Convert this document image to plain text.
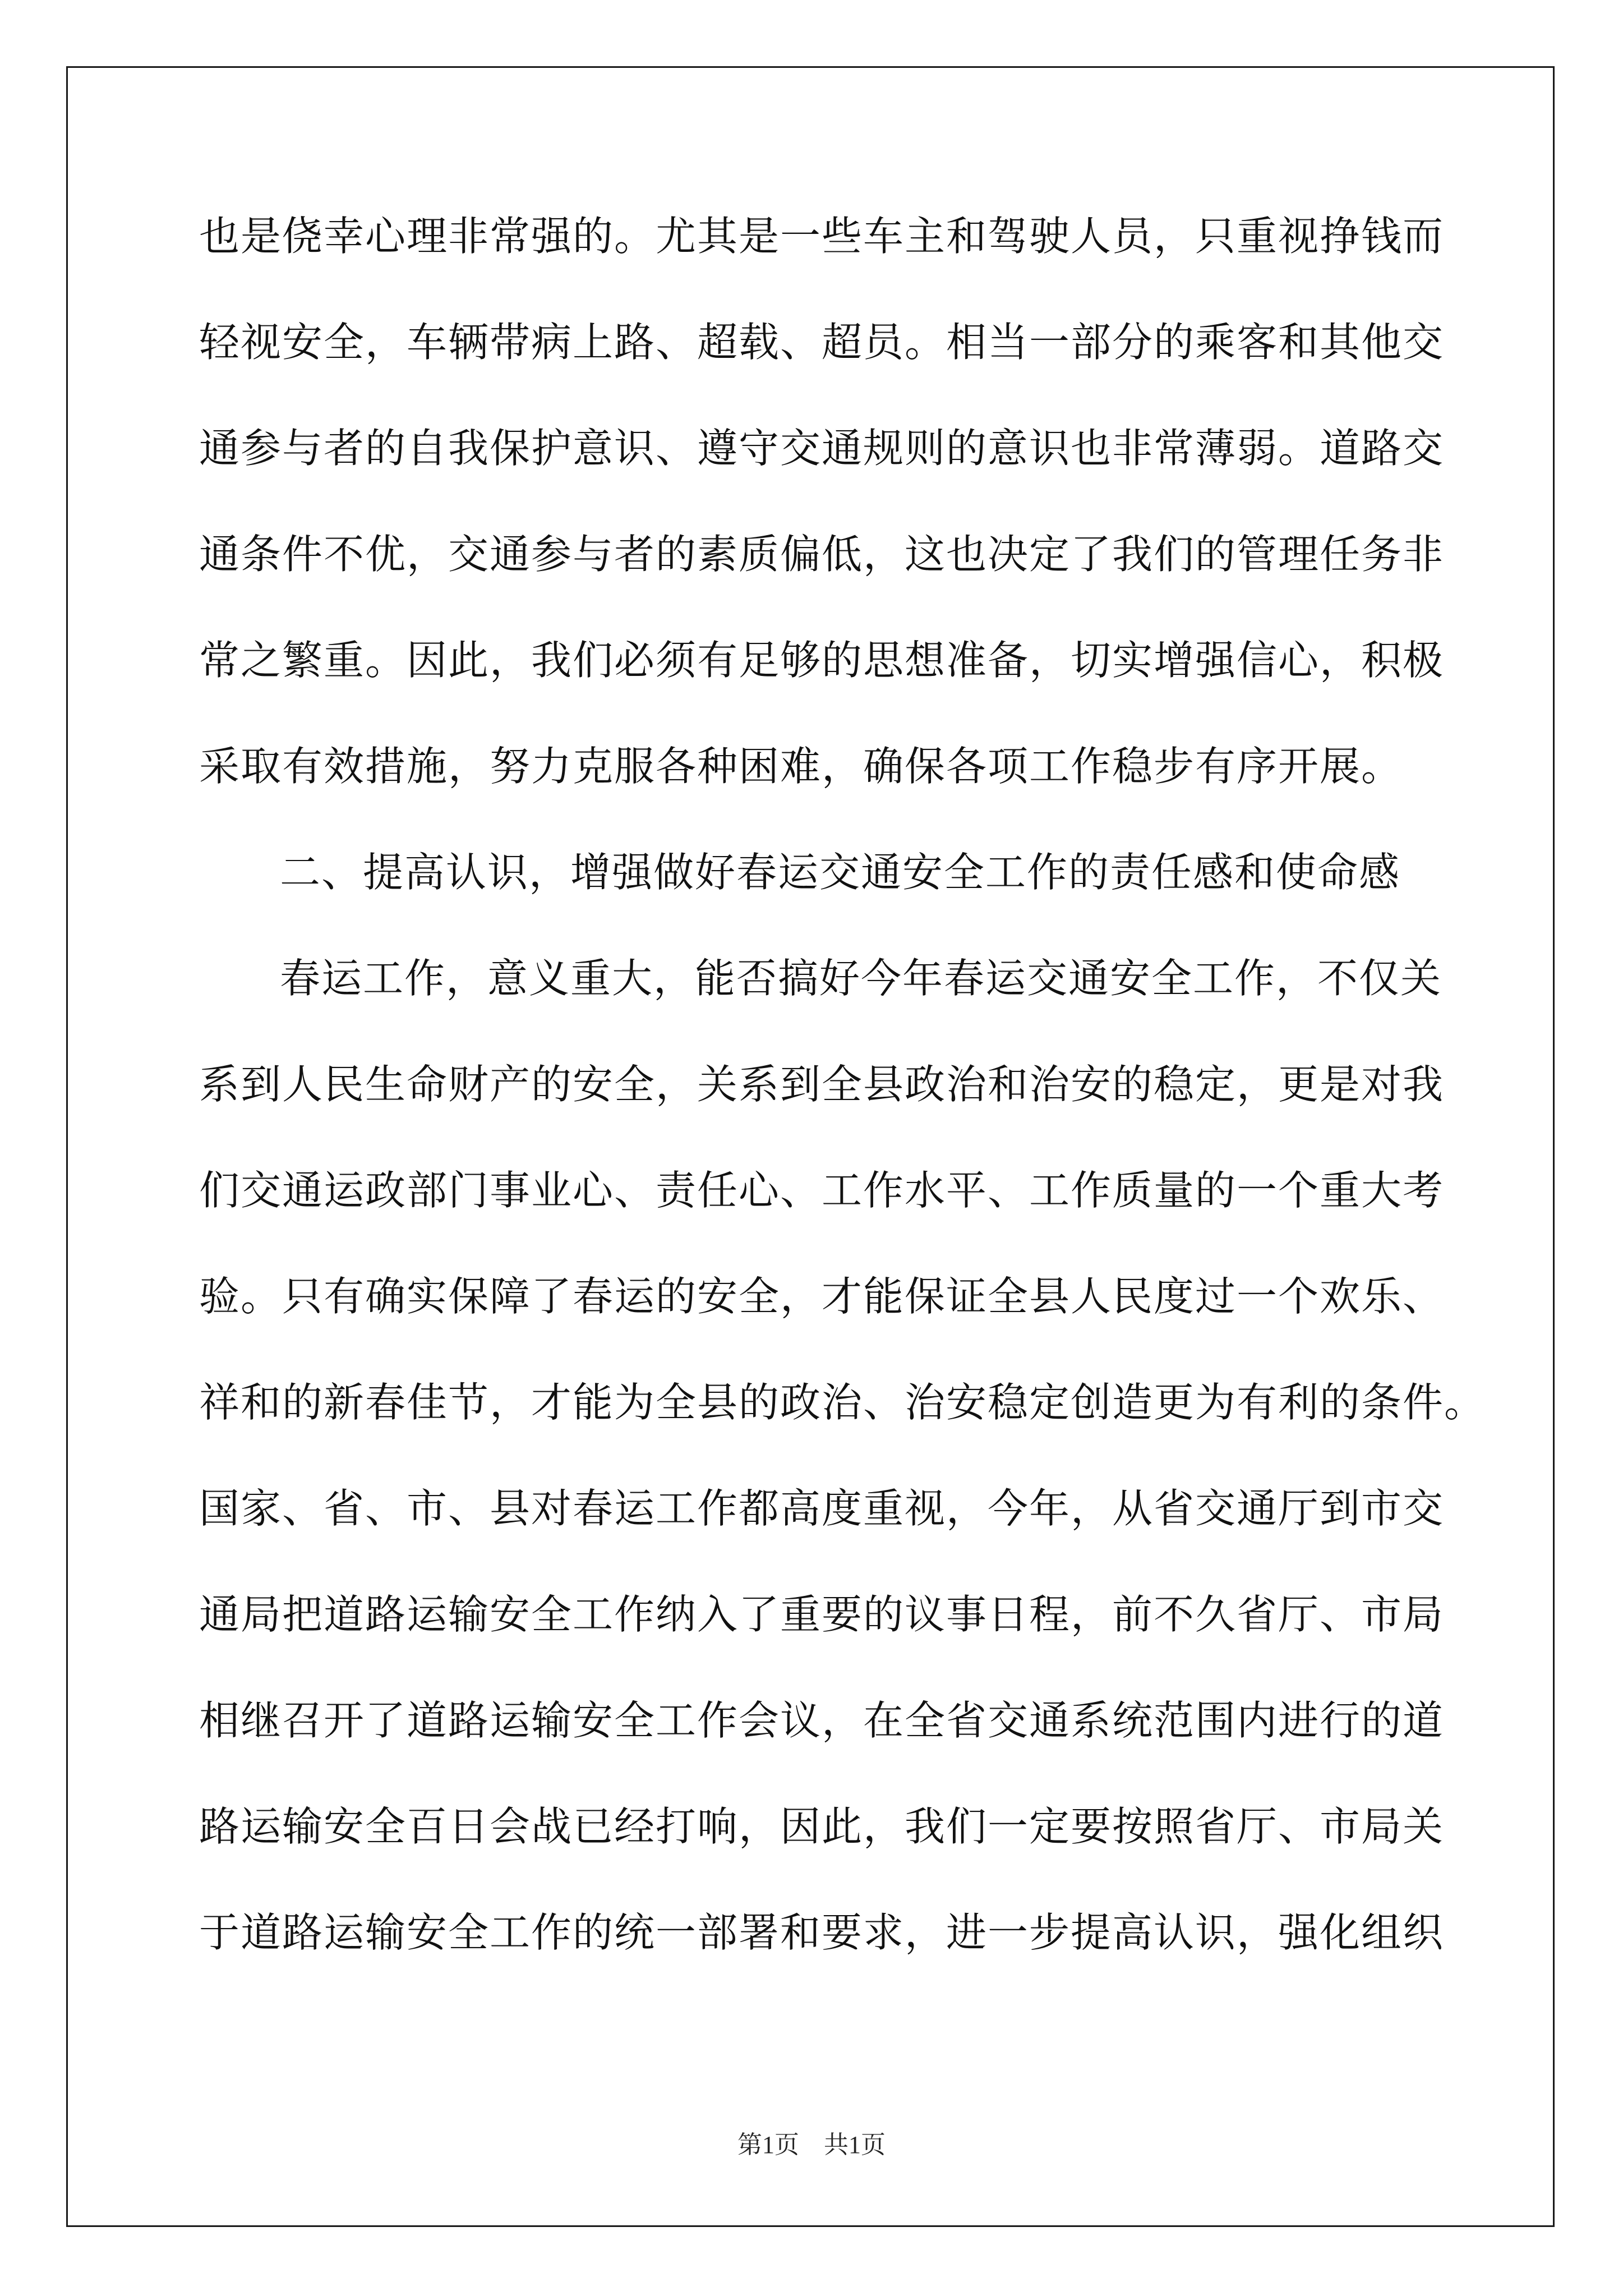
也是侥幸心理非常强的。尤其是一些车主和驾驶人员，只重视挣钱而

轻视安全，车辆带病上路、超载、超员。相当一部分的乘客和其他交

通参与者的自我保护意识、遵守交通规则的意识也非常薄弱。道路交

通条件不优，交通参与者的素质偏低，这也决定了我们的管理任务非

常之繁重。因此，我们必须有足够的思想准备，切实增强信心，积极

采取有效措施，努力克服各种困难，确保各项工作稳步有序开展。

二、提高认识，增强做好春运交通安全工作的责任感和使命感

春运工作，意义重大，能否搞好今年春运交通安全工作，不仅关

系到人民生命财产的安全，关系到全县政治和治安的稳定，更是对我

们交通运政部门事业心、责任心、工作水平、工作质量的一个重大考

验。只有确实保障了春运的安全，才能保证全县人民度过一个欢乐、

祥和的新春佳节，才能为全县的政治、治安稳定创造更为有利的条件。

国家、省、市、县对春运工作都高度重视，今年，从省交通厅到市交

通局把道路运输安全工作纳入了重要的议事日程，前不久省厅、市局

相继召开了道路运输安全工作会议，在全省交通系统范围内进行的道

路运输安全百日会战已经打响，因此，我们一定要按照省厅、市局关

于道路运输安全工作的统一部署和要求，进一步提高认识，强化组织

第1页　共1页
